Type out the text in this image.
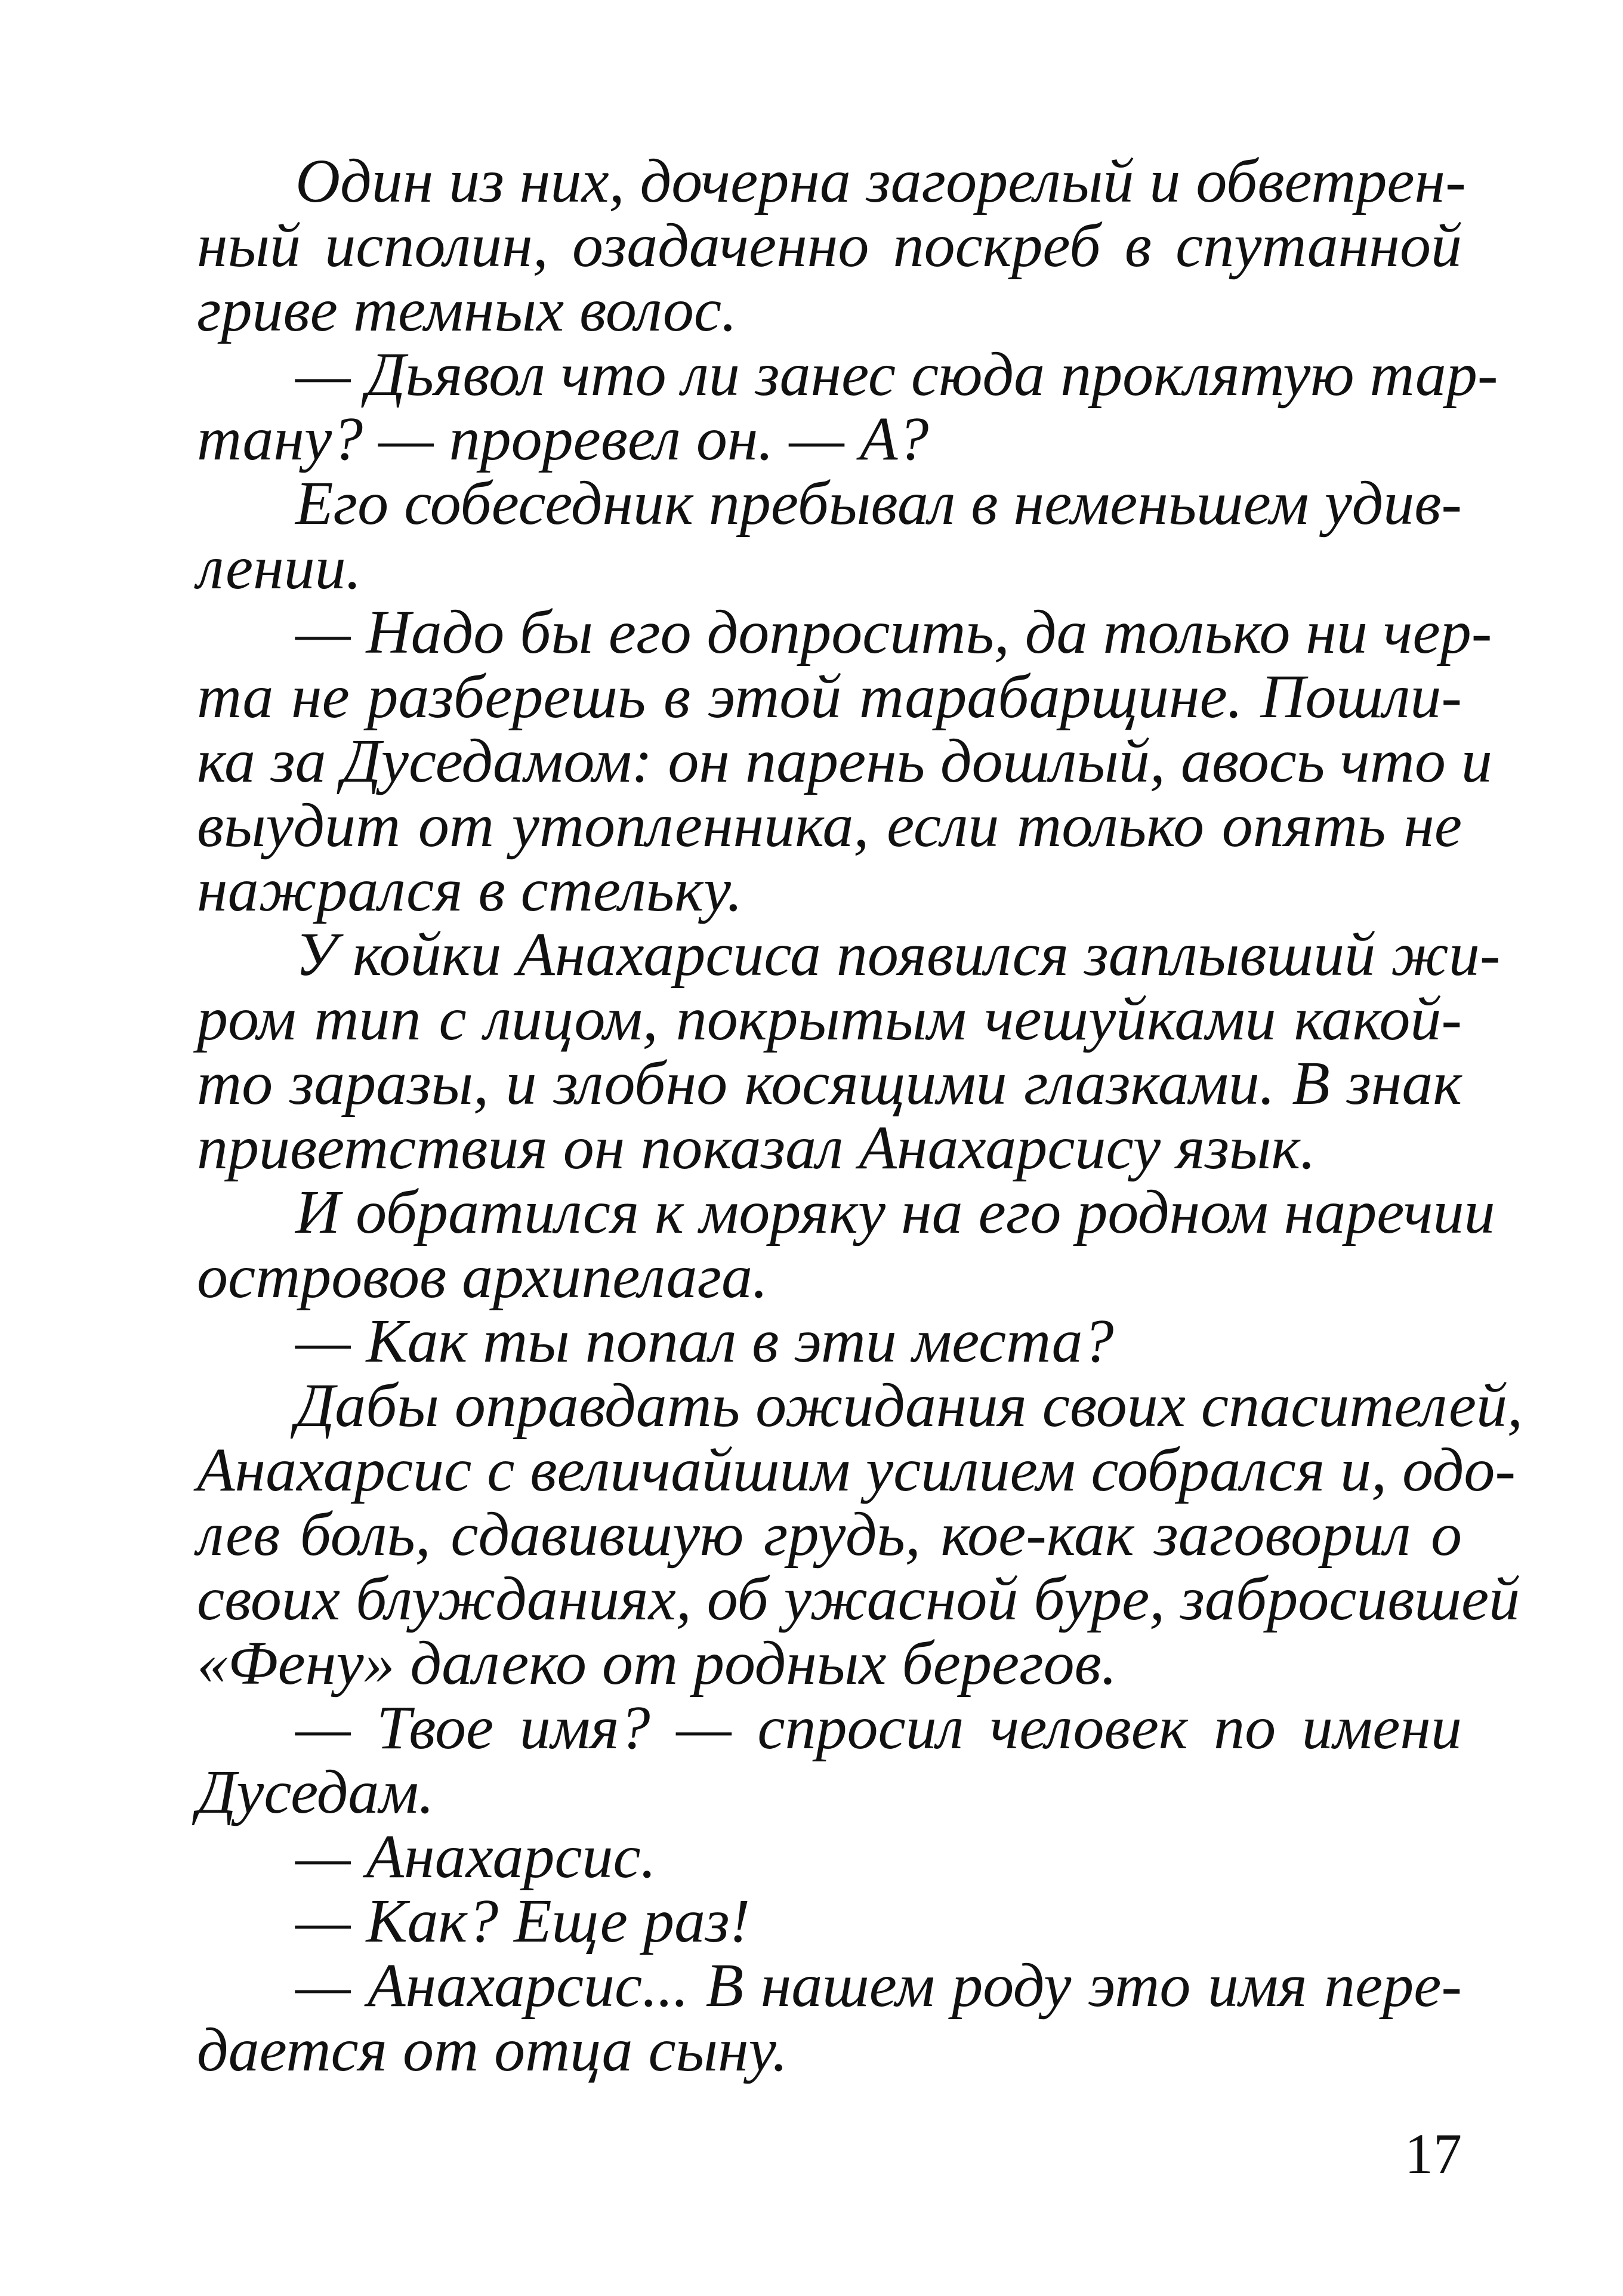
Один из них, дочерна загорелый и обветрен-
ный исполин, озадаченно поскреб в спутанной
гриве темных волос.
— Дьявол что ли занес сюда проклятую тар-
тану? — проревел он. — А?
Его собеседник пребывал в неменьшем удив-
лении.
— Надо бы его допросить, да только ни чер-
та не разберешь в этой тарабарщине. Пошли-
ка за Дуседамом: он парень дошлый, авось что и
выудит от утопленника, если только опять не
нажрался в стельку.
У койки Анахарсиса появился заплывший жи-
ром тип с лицом, покрытым чешуйками какой-
то заразы, и злобно косящими глазками. В знак
приветствия он показал Анахарсису язык.
И обратился к моряку на его родном наречии
островов архипелага.
— Как ты попал в эти места?
Дабы оправдать ожидания своих спасителей,
Анахарсис с величайшим усилием собрался и, одо-
лев боль, сдавившую грудь, кое-как заговорил о
своих блужданиях, об ужасной буре, забросившей
«Фену» далеко от родных берегов.
— Твое имя? — спросил человек по имени
Дуседам.
— Анахарсис.
— Как? Еще раз!
— Анахарсис... В нашем роду это имя пере-
дается от отца сыну.
17
